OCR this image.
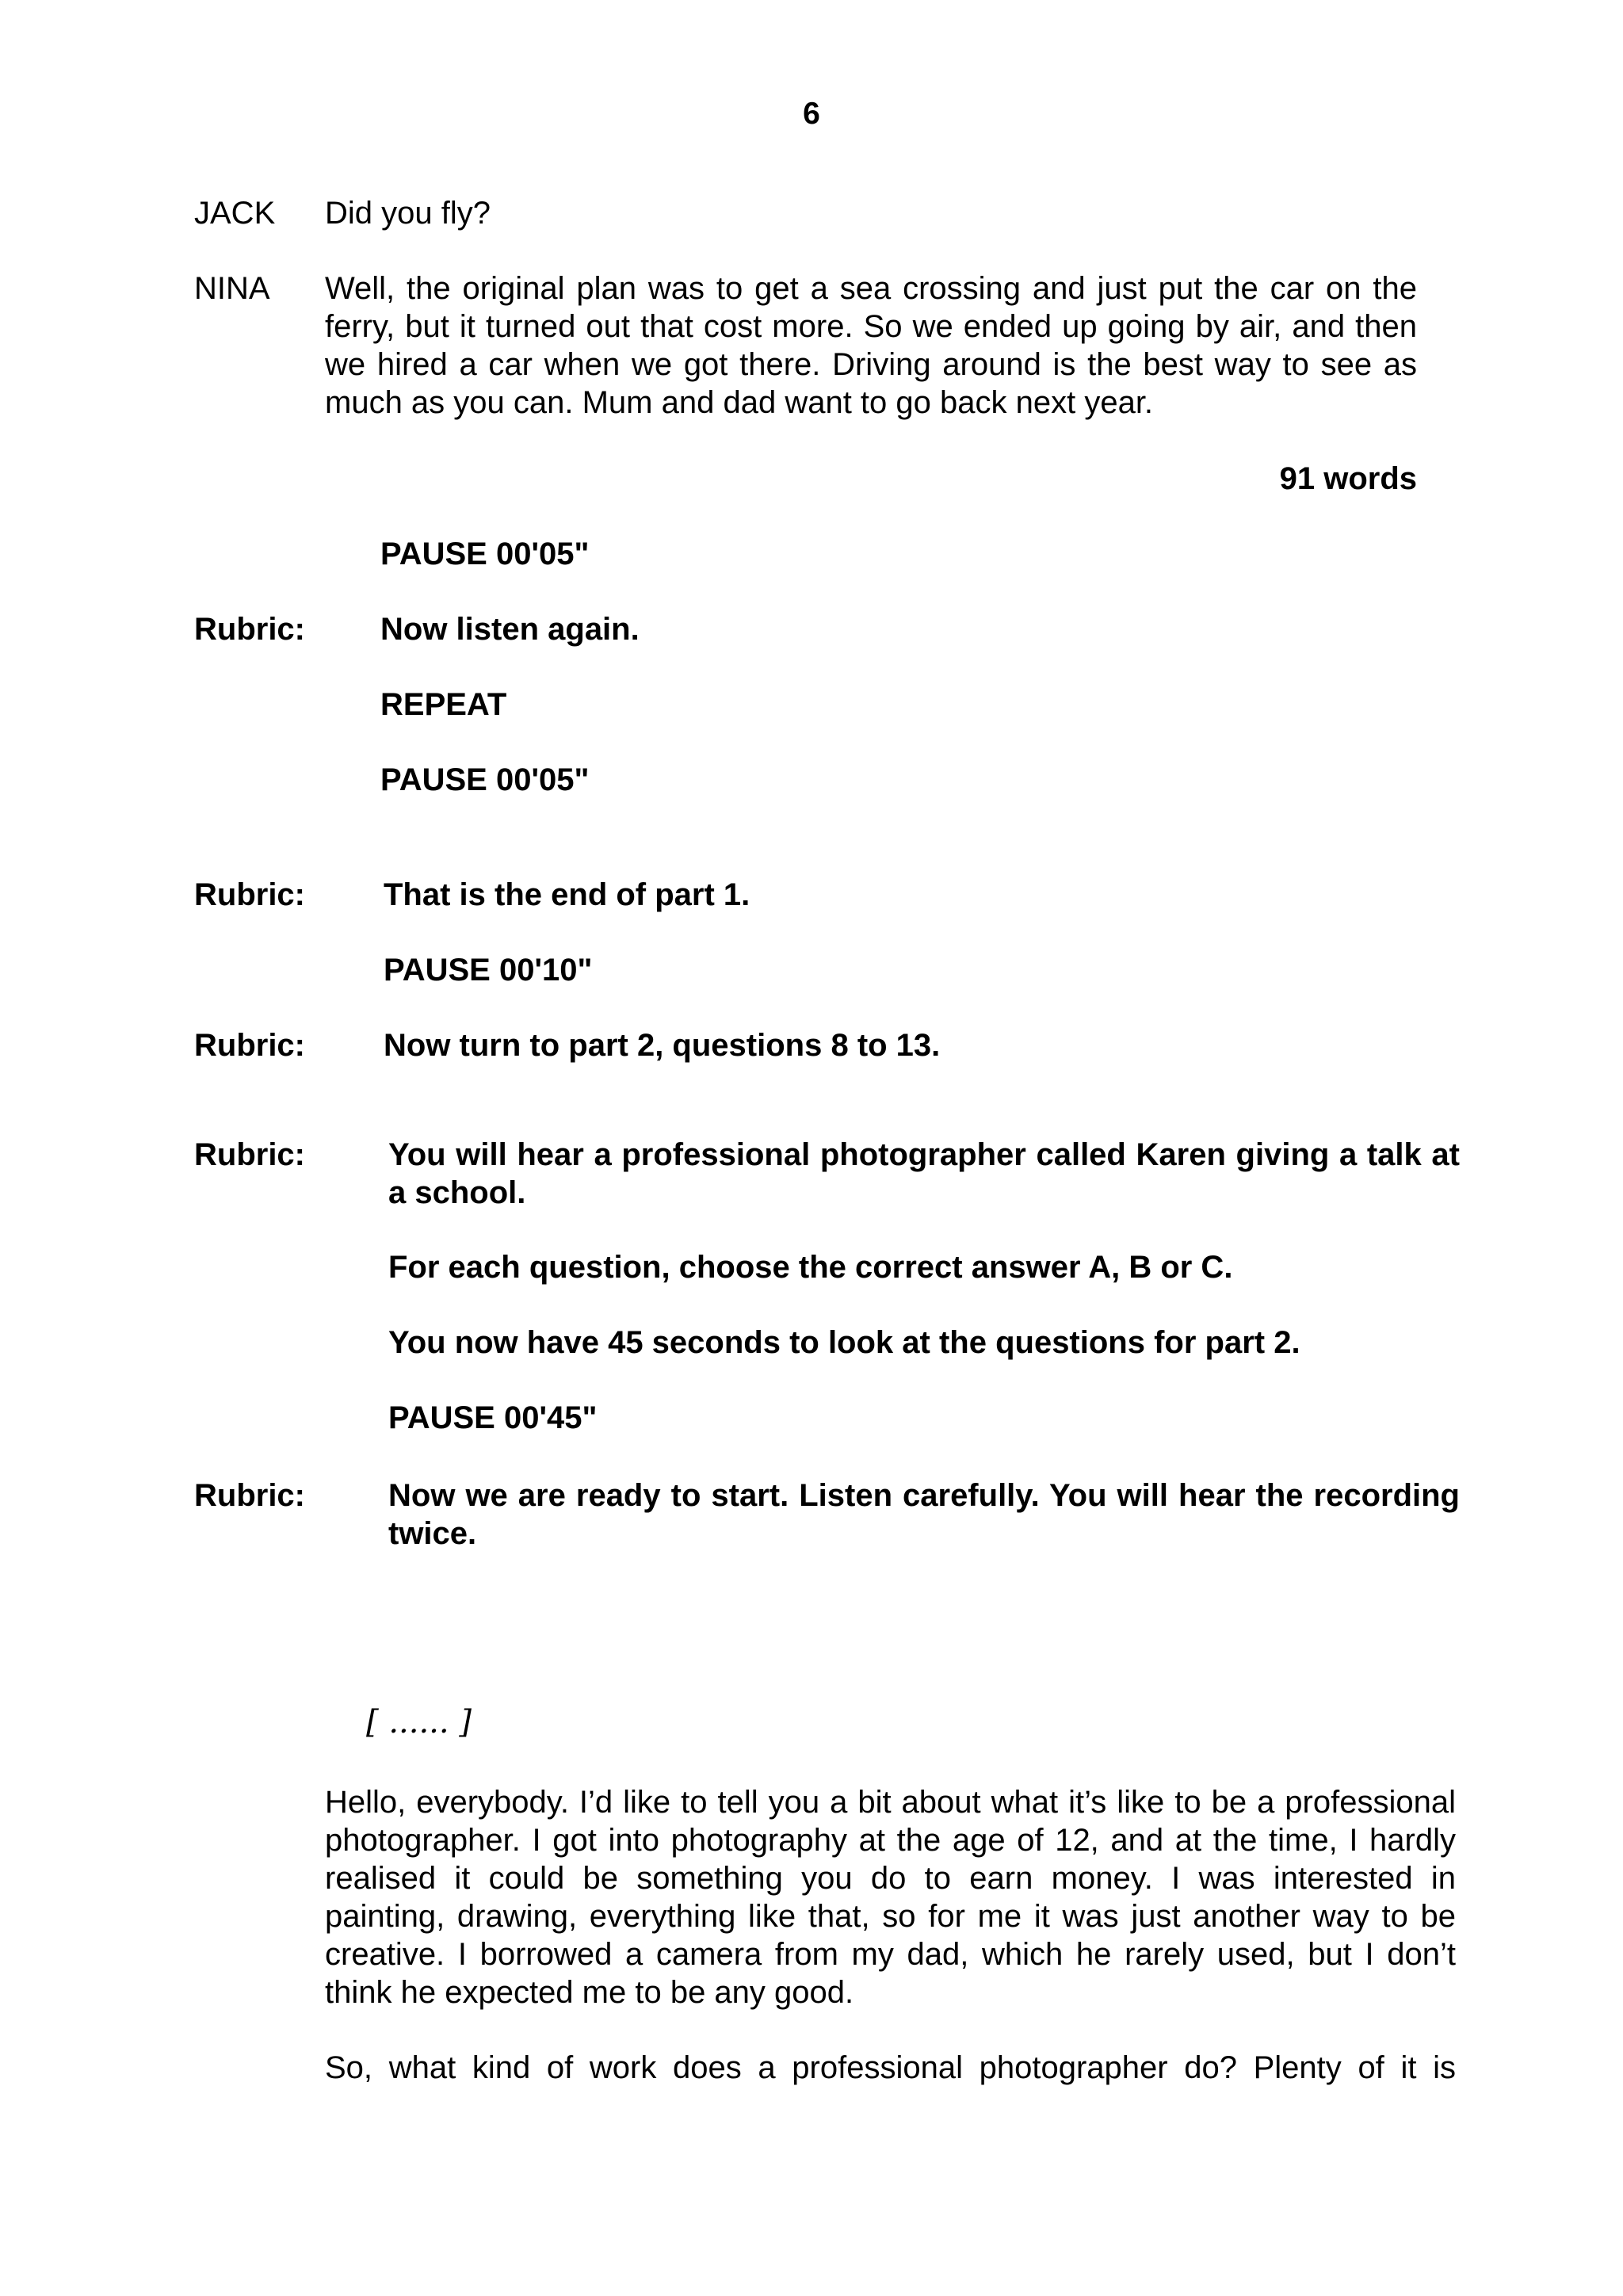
6
JACK Did you fly?
NINA Well, the original plan was to get a sea crossing and just put the car on the ferry, but it turned out that cost more. So we ended up going by air, and then we hired a car when we got there. Driving around is the best way to see as much as you can. Mum and dad want to go back next year.
91 words
PAUSE 00'05"
Rubric: Now listen again.
REPEAT
PAUSE 00'05"
Rubric: That is the end of part 1.
PAUSE 00'10"
Rubric: Now turn to part 2, questions 8 to 13.
Rubric:	You will hear a professional photographer called Karen giving a talk at a school.
For each question, choose the correct answer A, B or C.
You now have 45 seconds to look at the questions for part 2.
PAUSE 00'45"
Rubric:	Now we are ready to start. Listen carefully. You will hear the recording twice.
[ ...... ]
Hello, everybody. I’d like to tell you a bit about what it’s like to be a professional photographer. I got into photography at the age of 12, and at the time, I hardly realised it could be something you do to earn money. I was interested in painting, drawing, everything like that, so for me it was just another way to be creative. I borrowed a camera from my dad, which he rarely used, but I don’t think he expected me to be any good.
So, what kind of work does a professional photographer do? Plenty of it is
